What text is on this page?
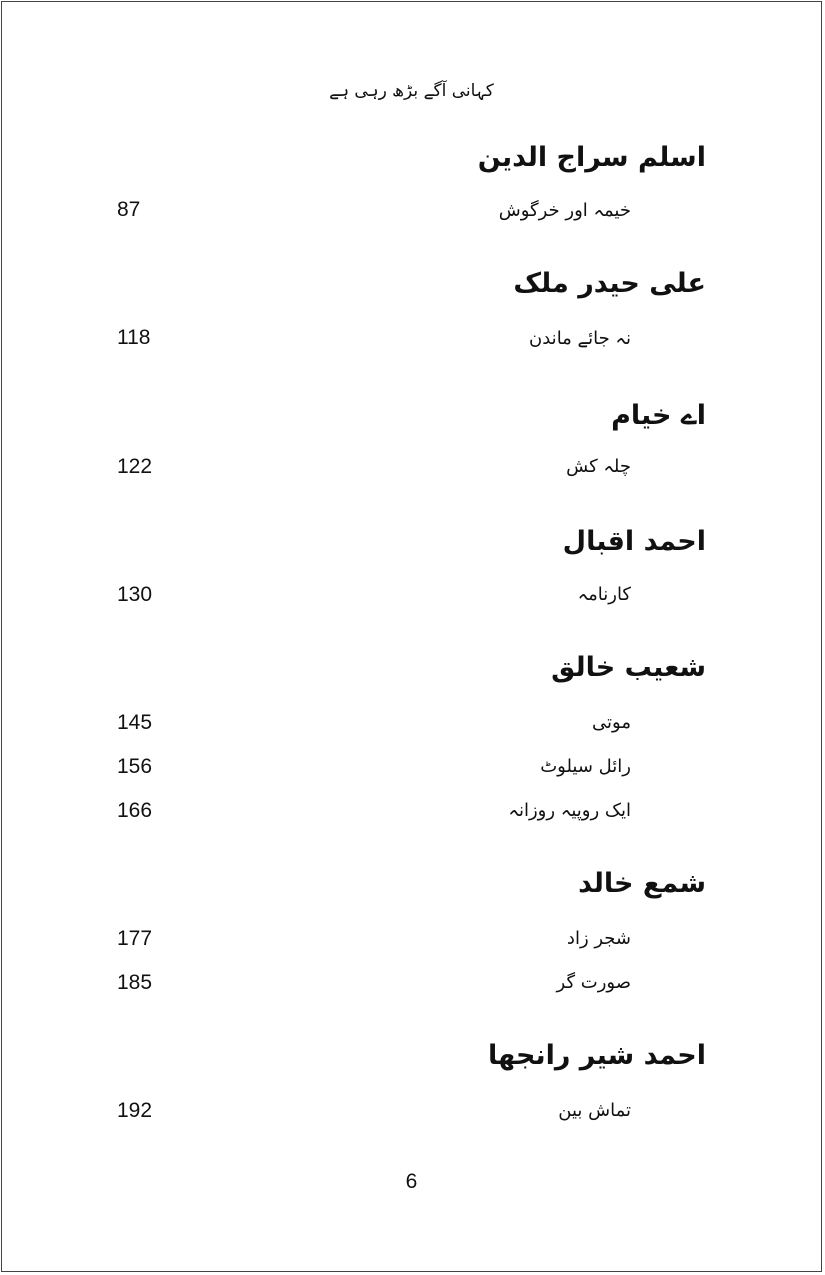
کہانی آگے بڑھ رہی ہے
اسلم سراج الدین
خیمہ اور خرگوش
87
علی حیدر ملک
نہ جائے ماندن
118
اے خیام
چلہ کش
122
احمد اقبال
کارنامہ
130
شعیب خالق
موتی
145
رائل سیلوٹ
156
ایک روپیہ روزانہ
166
شمع خالد
شجر زاد
177
صورت گر
185
احمد شیر رانجھا
تماش بین
192
6
